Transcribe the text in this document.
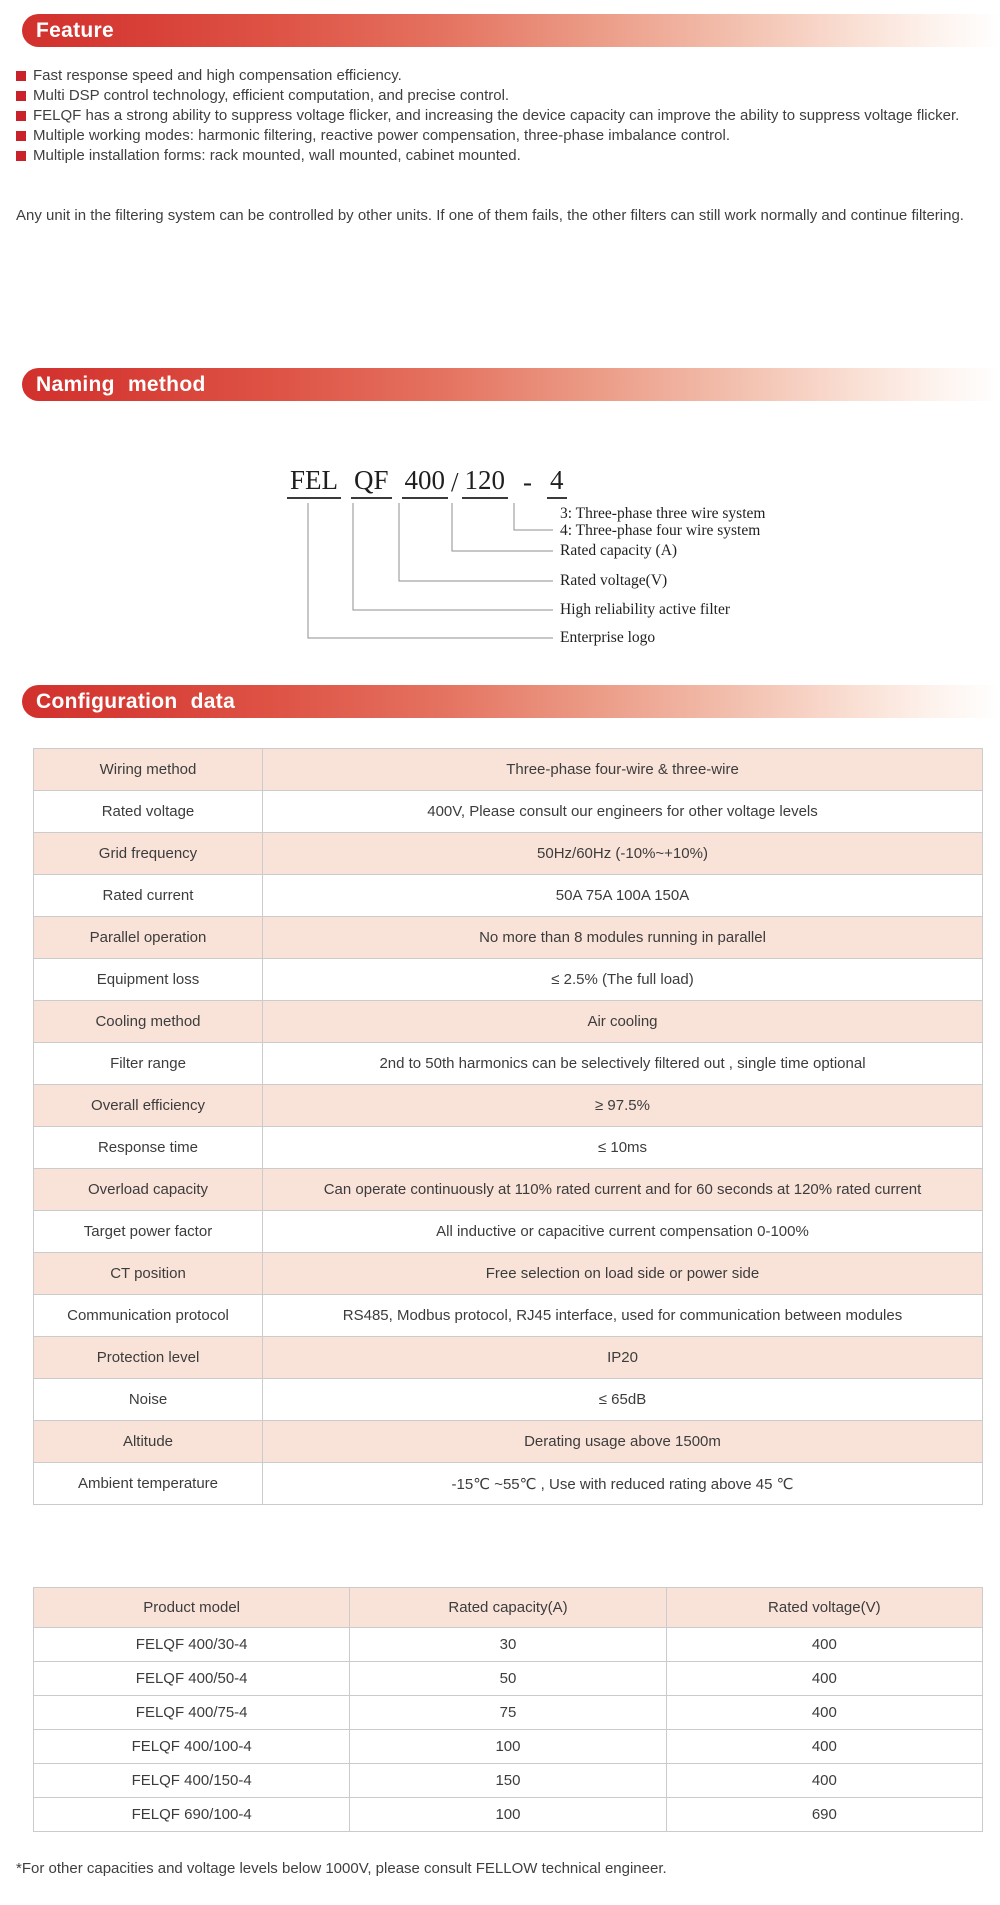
Feature
Fast response speed and high compensation efficiency.
Multi DSP control technology, efficient computation, and precise control.
FELQF has a strong ability to suppress voltage flicker, and increasing the device capacity can improve the ability to suppress voltage flicker.
Multiple working modes: harmonic filtering, reactive power compensation, three-phase imbalance control.
Multiple installation forms: rack mounted, wall mounted, cabinet mounted.
Any unit in the filtering system can be controlled by other units. If one of them fails, the other filters can still work normally and continue filtering.
Naming method
FEL QF 400 / 120 - 4
3: Three-phase three wire system
4: Three-phase four wire system
Rated capacity (A)
Rated voltage(V)
High reliability active filter
Enterprise logo
Configuration data
Wiring method	Three-phase four-wire & three-wire
Rated voltage	400V, Please consult our engineers for other voltage levels
Grid frequency	50Hz/60Hz (-10%~+10%)
Rated current	50A 75A 100A 150A
Parallel operation	No more than 8 modules running in parallel
Equipment loss	≤ 2.5% (The full load)
Cooling method	Air cooling
Filter range	2nd to 50th harmonics can be selectively filtered out , single time optional
Overall efficiency	≥ 97.5%
Response time	≤ 10ms
Overload capacity	Can operate continuously at 110% rated current and for 60 seconds at 120% rated current
Target power factor	All inductive or capacitive current compensation 0-100%
CT position	Free selection on load side or power side
Communication protocol	RS485, Modbus protocol, RJ45 interface, used for communication between modules
Protection level	IP20
Noise	≤ 65dB
Altitude	Derating usage above 1500m
Ambient temperature	-15℃ ~55℃ , Use with reduced rating above 45 ℃
Product model	Rated capacity(A)	Rated voltage(V)
FELQF 400/30-4	30	400
FELQF 400/50-4	50	400
FELQF 400/75-4	75	400
FELQF 400/100-4	100	400
FELQF 400/150-4	150	400
FELQF 690/100-4	100	690
*For other capacities and voltage levels below 1000V, please consult FELLOW technical engineer.
